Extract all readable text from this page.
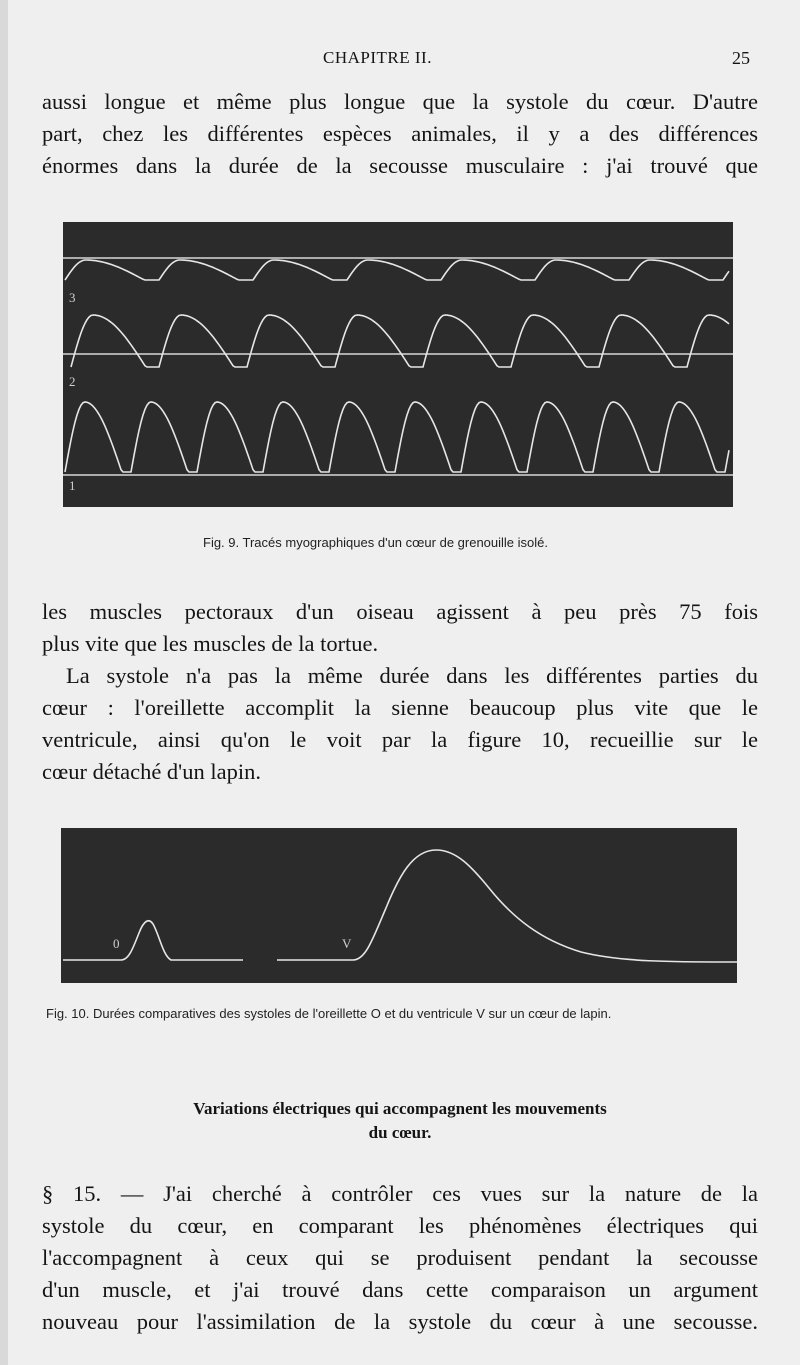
CHAPITRE II.	25
aussi longue et même plus longue que la systole du cœur. D'autre
part, chez les différentes espèces animales, il y a des différences
énormes dans la durée de la secousse musculaire : j'ai trouvé que
3
2
1
Fig. 9. Tracés myographiques d'un cœur de grenouille isolé.
les muscles pectoraux d'un oiseau agissent à peu près 75 fois
plus vite que les muscles de la tortue.
La systole n'a pas la même durée dans les différentes parties du
cœur : l'oreillette accomplit la sienne beaucoup plus vite que le
ventricule, ainsi qu'on le voit par la figure 10, recueillie sur le
cœur détaché d'un lapin.
0	V
Fig. 10. Durées comparatives des systoles de l'oreillette O et du ventricule V sur un cœur de lapin.
Variations électriques qui accompagnent les mouvements
du cœur.
§ 15. — J'ai cherché à contrôler ces vues sur la nature de la
systole du cœur, en comparant les phénomènes électriques qui
l'accompagnent à ceux qui se produisent pendant la secousse
d'un muscle, et j'ai trouvé dans cette comparaison un argument
nouveau pour l'assimilation de la systole du cœur à une secousse.
